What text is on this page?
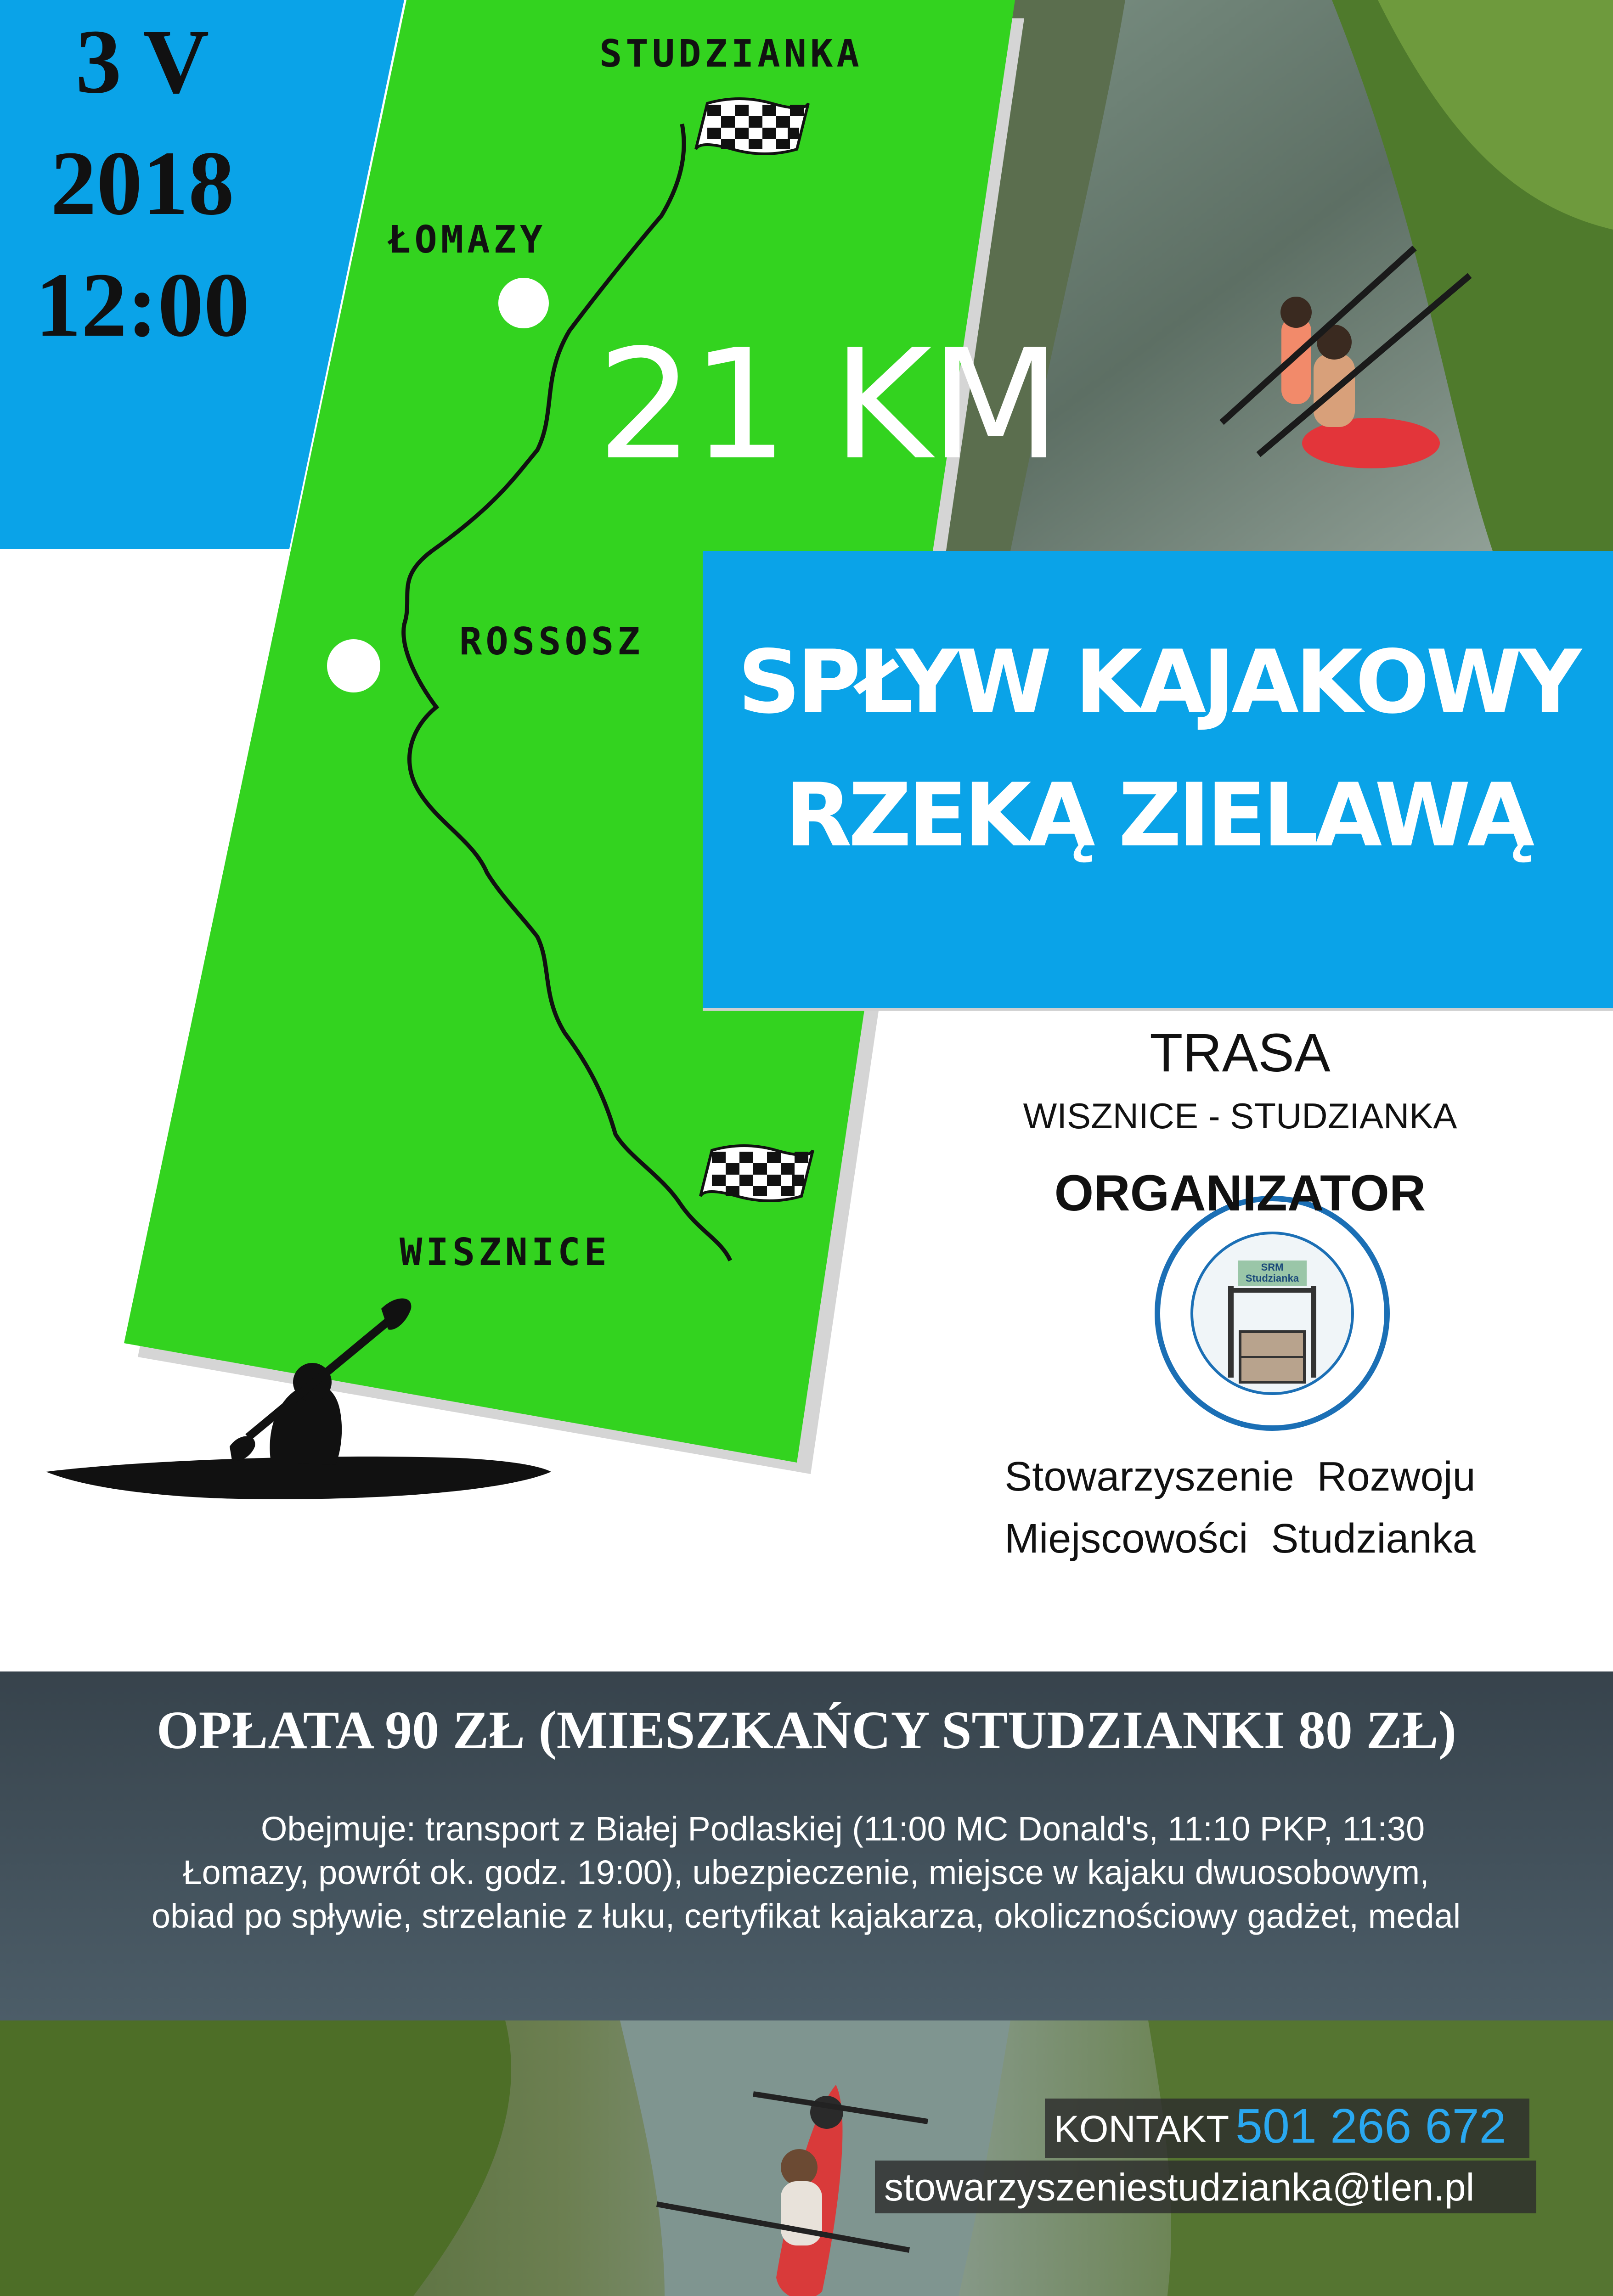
3 V
2018
12:00
STUDZIANKA
ŁOMAZY
ROSSOSZ
WISZNICE
21 KM
SPŁYW KAJAKOWY
RZEKĄ ZIELAWĄ
TRASA
WISZNICE - STUDZIANKA
ORGANIZATOR
SRM Studzianka
Stowarzyszenie  Rozwoju
Miejscowości  Studzianka
OPŁATA 90 ZŁ (MIESZKAŃCY STUDZIANKI 80 ZŁ)
Obejmuje: transport z Białej Podlaskiej (11:00 MC Donald's, 11:10 PKP, 11:30
Łomazy, powrót ok. godz. 19:00), ubezpieczenie, miejsce w kajaku dwuosobowym,
obiad po spływie, strzelanie z łuku, certyfikat kajakarza, okolicznościowy gadżet, medal
KONTAKT 501 266 672
stowarzyszeniestudzianka@tlen.pl
